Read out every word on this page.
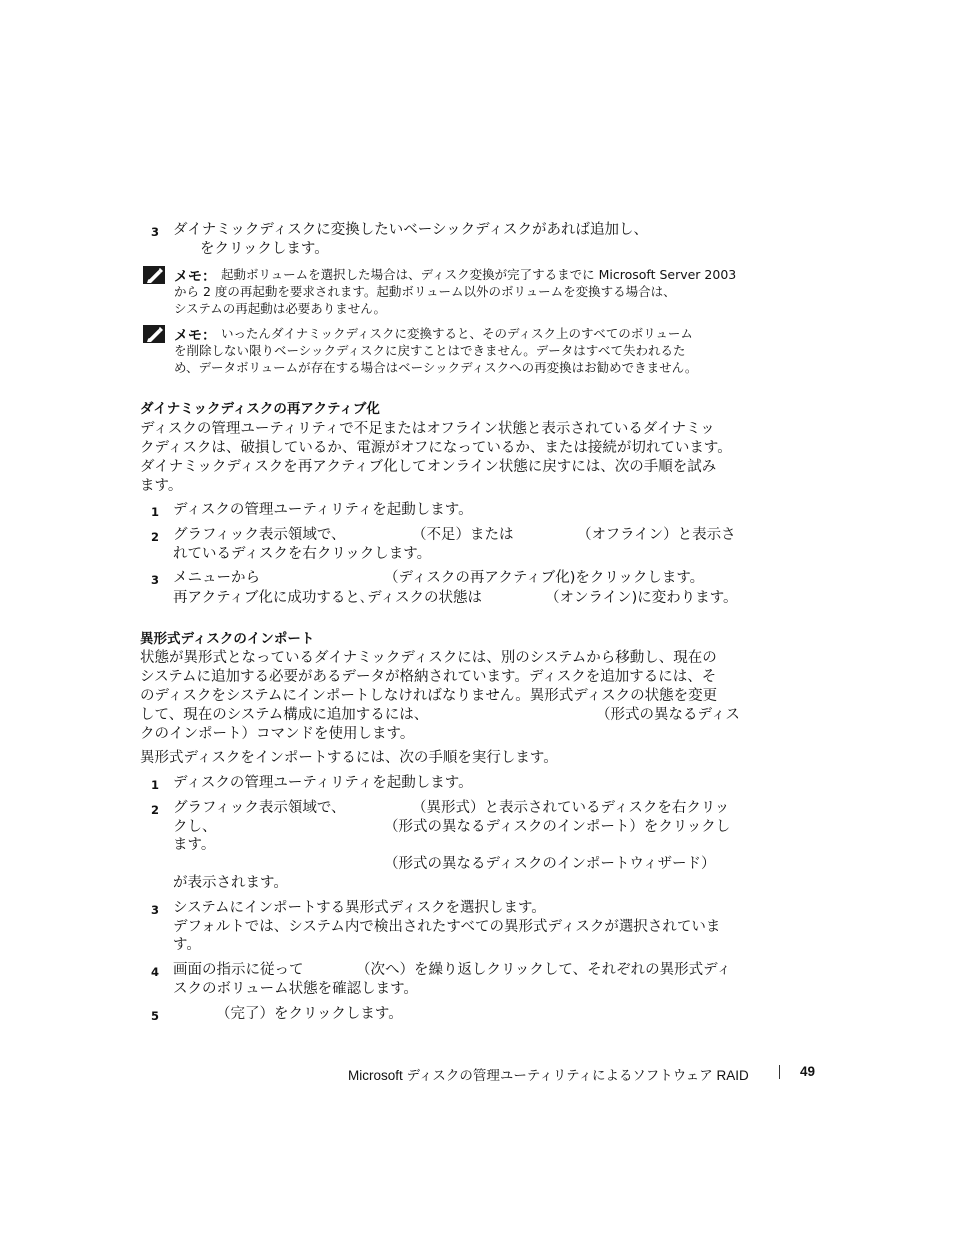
3 ダイナミックディスクに変換したいベーシックディスクがあれば追加し、
をクリックします。
メモ： 起動ボリュームを選択した場合は、ディスク変換が完了するまでに Microsoft Server 2003
から 2 度の再起動を要求されます。起動ボリューム以外のボリュームを変換する場合は、
システムの再起動は必要ありません。
メモ： いったんダイナミックディスクに変換すると、そのディスク上のすべてのボリューム
を削除しない限りベーシックディスクに戻すことはできません。データはすべて失われるた
め、データボリュームが存在する場合はベーシックディスクへの再変換はお勧めできません。
ダイナミックディスクの再アクティブ化
ディスクの管理ユーティリティで不足またはオフライン状態と表示されているダイナミッ
クディスクは、破損しているか、電源がオフになっているか、または接続が切れています。
ダイナミックディスクを再アクティブ化してオンライン状態に戻すには、次の手順を試み
ます。
1 ディスクの管理ユーティリティを起動します。
2 グラフィック表示領域で、	（不足）または	（オフライン）と表示さ
れているディスクを右クリックします。
3 メニューから	（ディスクの再アクティブ化)をクリックします。
再アクティブ化に成功すると､ディスクの状態は	（オンライン)に変わります。
異形式ディスクのインポート
状態が異形式となっているダイナミックディスクには、別のシステムから移動し、現在の
システムに追加する必要があるデータが格納されています。ディスクを追加するには、そ
のディスクをシステムにインポートしなければなりません。異形式ディスクの状態を変更
して、現在のシステム構成に追加するには、	（形式の異なるディス
クのインポート）コマンドを使用します。
異形式ディスクをインポートするには、次の手順を実行します。
1 ディスクの管理ユーティリティを起動します。
2 グラフィック表示領域で、	（異形式）と表示されているディスクを右クリッ
クし、	（形式の異なるディスクのインポート）をクリックし
ます。
（形式の異なるディスクのインポートウィザード）
が表示されます。
3 システムにインポートする異形式ディスクを選択します。
デフォルトでは、システム内で検出されたすべての異形式ディスクが選択されていま
す。
4 画面の指示に従って	（次へ）を繰り返しクリックして、それぞれの異形式ディ
スクのボリューム状態を確認します。
5	（完了）をクリックします。
Microsoft ディスクの管理ユーティリティによるソフトウェア RAID	49
